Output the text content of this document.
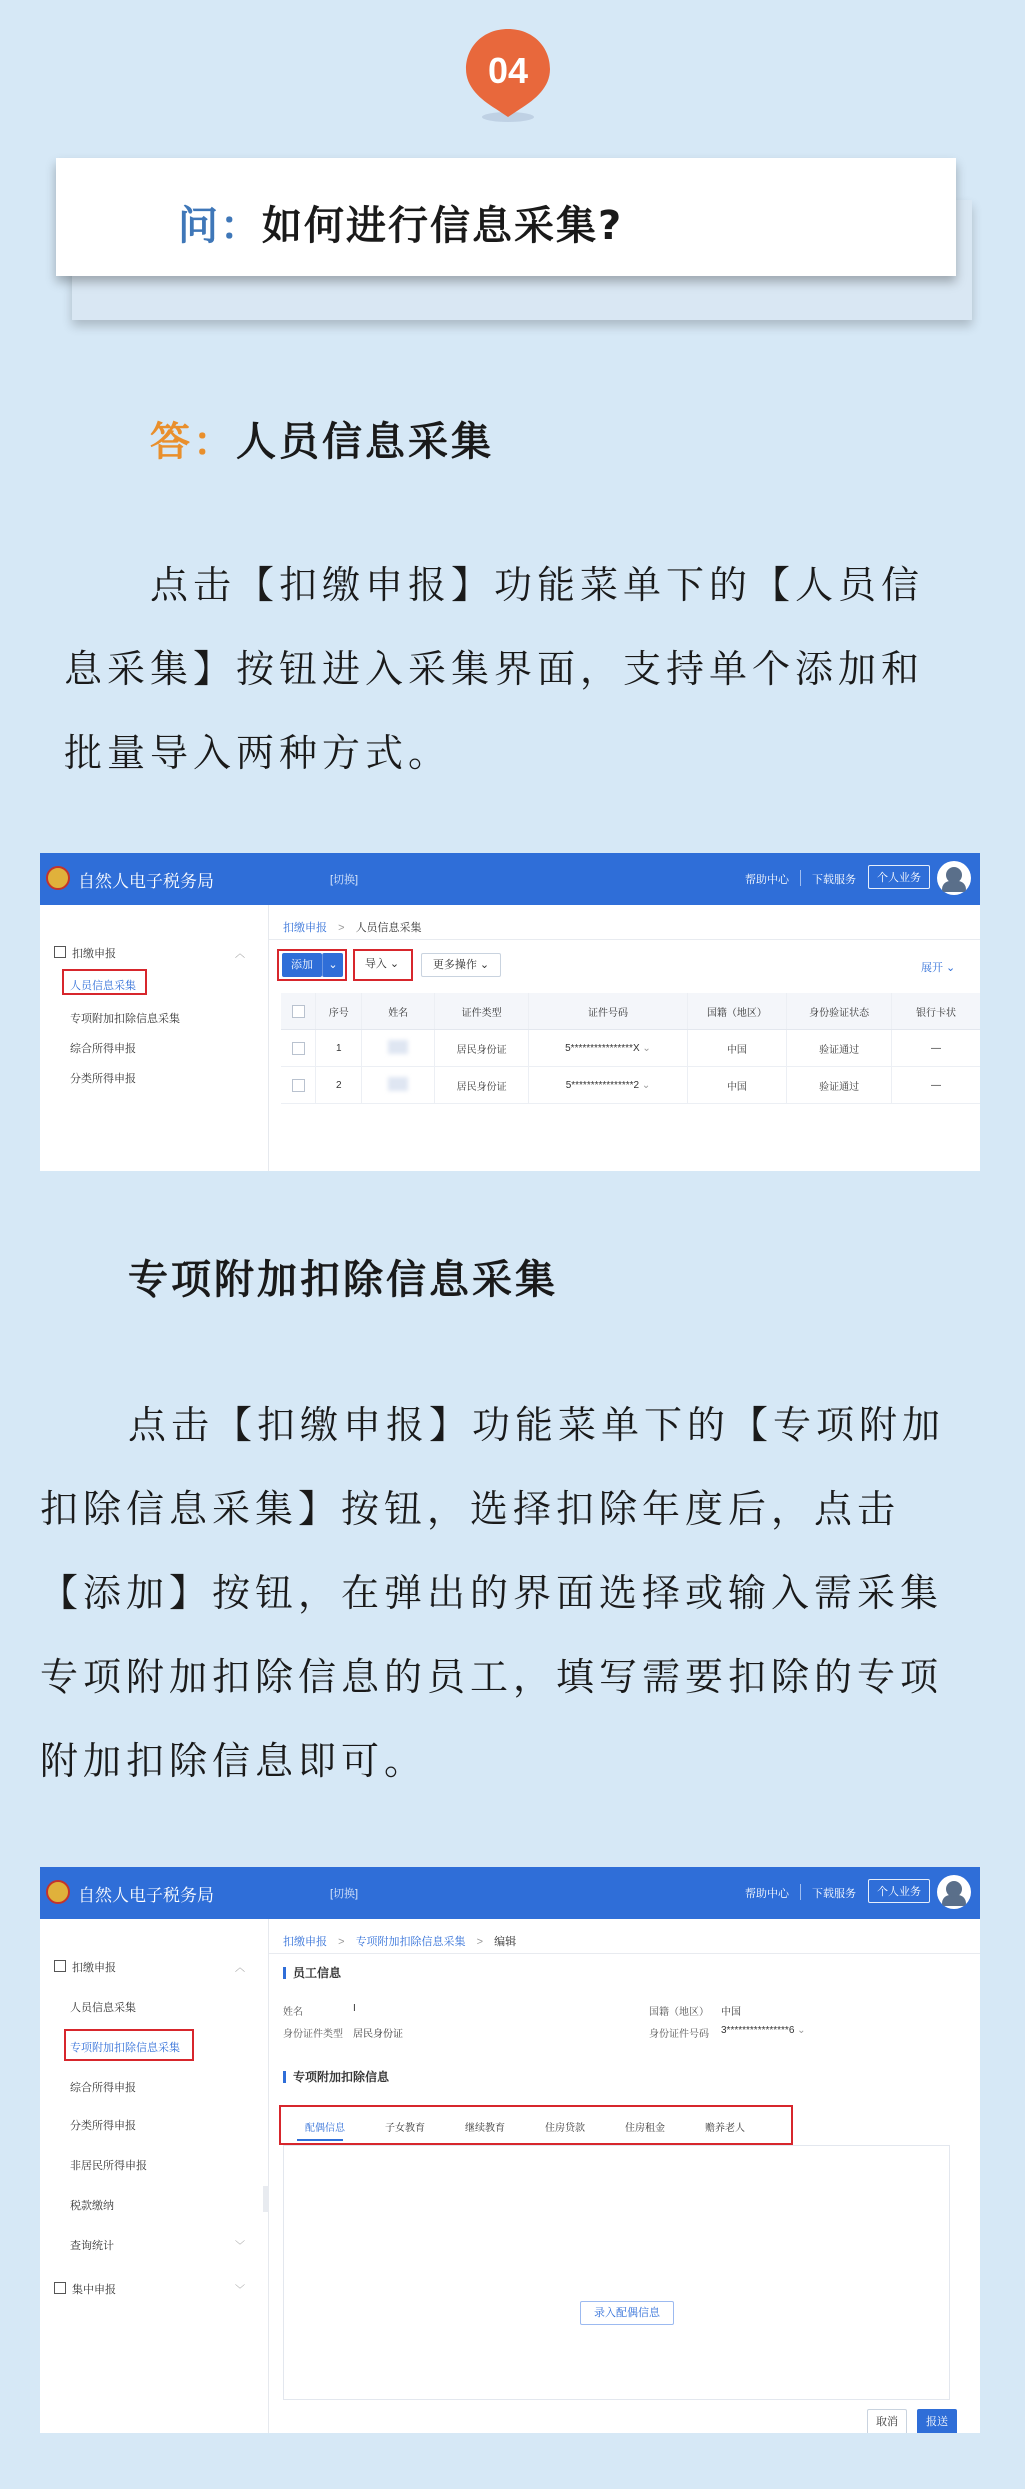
04
问：如何进行信息采集?
答：人员信息采集
点击【扣缴申报】功能菜单下的【人员信息采集】按钮进入采集界面，支持单个添加和批量导入两种方式。
自然人电子税务局	[切换]	帮助中心 下载服务	个人业务
扣缴申报	︿
人员信息采集
专项附加扣除信息采集
综合所得申报
分类所得申报
扣缴申报 > 人员信息采集
添加	⌄	导入 ⌄	更多操作 ⌄	展开 ⌄
	序号	姓名	证件类型	证件号码	国籍（地区）	身份验证状态	银行卡状
	1		居民身份证	5****************X ⌄	中国	验证通过	—
	2		居民身份证	5****************2 ⌄	中国	验证通过	—
专项附加扣除信息采集
点击【扣缴申报】功能菜单下的【专项附加扣除信息采集】按钮，选择扣除年度后，点击【添加】按钮，在弹出的界面选择或输入需采集专项附加扣除信息的员工，填写需要扣除的专项附加扣除信息即可。
自然人电子税务局	[切换]	帮助中心 下载服务	个人业务
扣缴申报	︿
人员信息采集
专项附加扣除信息采集
综合所得申报
分类所得申报
非居民所得申报
税款缴纳
查询统计	﹀
集中申报	﹀
扣缴申报 > 专项附加扣除信息采集 > 编辑
员工信息
姓名	I
身份证件类型 居民身份证
国籍（地区） 中国
身份证件号码 3****************6 ⌄
专项附加扣除信息
配偶信息	子女教育	继续教育	住房贷款	住房租金	赡养老人
录入配偶信息
取消	报送
